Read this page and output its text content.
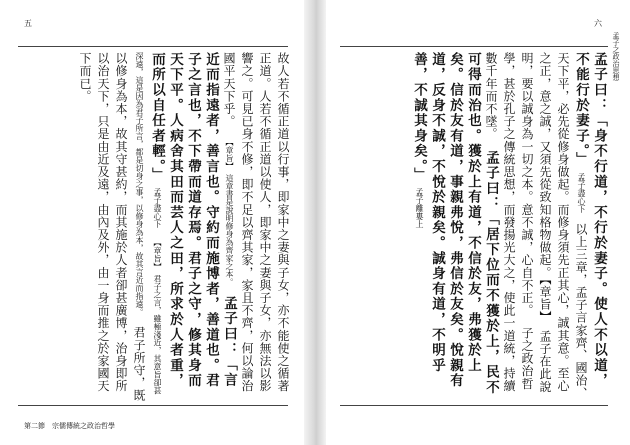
五
第二節　宗儒傳統之政治哲學
故人若不循正道以行事，即家中之妻與子女，亦不能使之循著正道。人若不循正道以使人，即家中之妻與子女，亦無法以影響之。可見已身不修，即不足以齊其家，家且不齊，何以論治國平天下乎。  【章旨】　這章書是說明修身為齊家之本。  孟子曰：「言近而指遠者，善言也。守約而施博者，善道也。君子之言也，不下帶而道存焉。君子之守，修其身而天下平。人病舍其田而芸人之田，所求於人者重，而所以自任者輕。」 孟子盡心下  【章旨】　君子之言，雖極淺近，其意旨卻甚深遠，這是因為君子所言，都是切身之事，以修身為本，故其言近而指遠。  君子所守，既以修身為本，故其守甚約，而其施於人者卻甚廣博，治身即所以治天下，只是由近及遠，由內及外，由一身而推之於家國天下而已。
六
孟子之政治思想
孟子曰：「身不行道，不行於妻子。使人不以道，不能行於妻子。」 孟子盡心下  以上三章，孟子言家齊、國治、天下平，必先從修身做起。而修身須先正其心，誠其意。至心之正，意之誠，又須先從致知格物做起。【章旨】　孟子在此說明，要以誠身為一切之本。意不誠，心自不正。  子之政治哲學，甚於孔子之傳統思想，而發揚光大之，使此一道統，持續數千年而不墜。  孟子曰：「居下位而不獲於上，民不可得而治也。獲於上有道，不信於友，弗獲於上矣。信於友有道，事親弗悅，弗信於友矣。悅親有道，反身不誠，不悅於親矣。誠身有道，不明乎善，不誠其身矣。」 孟子離婁上
